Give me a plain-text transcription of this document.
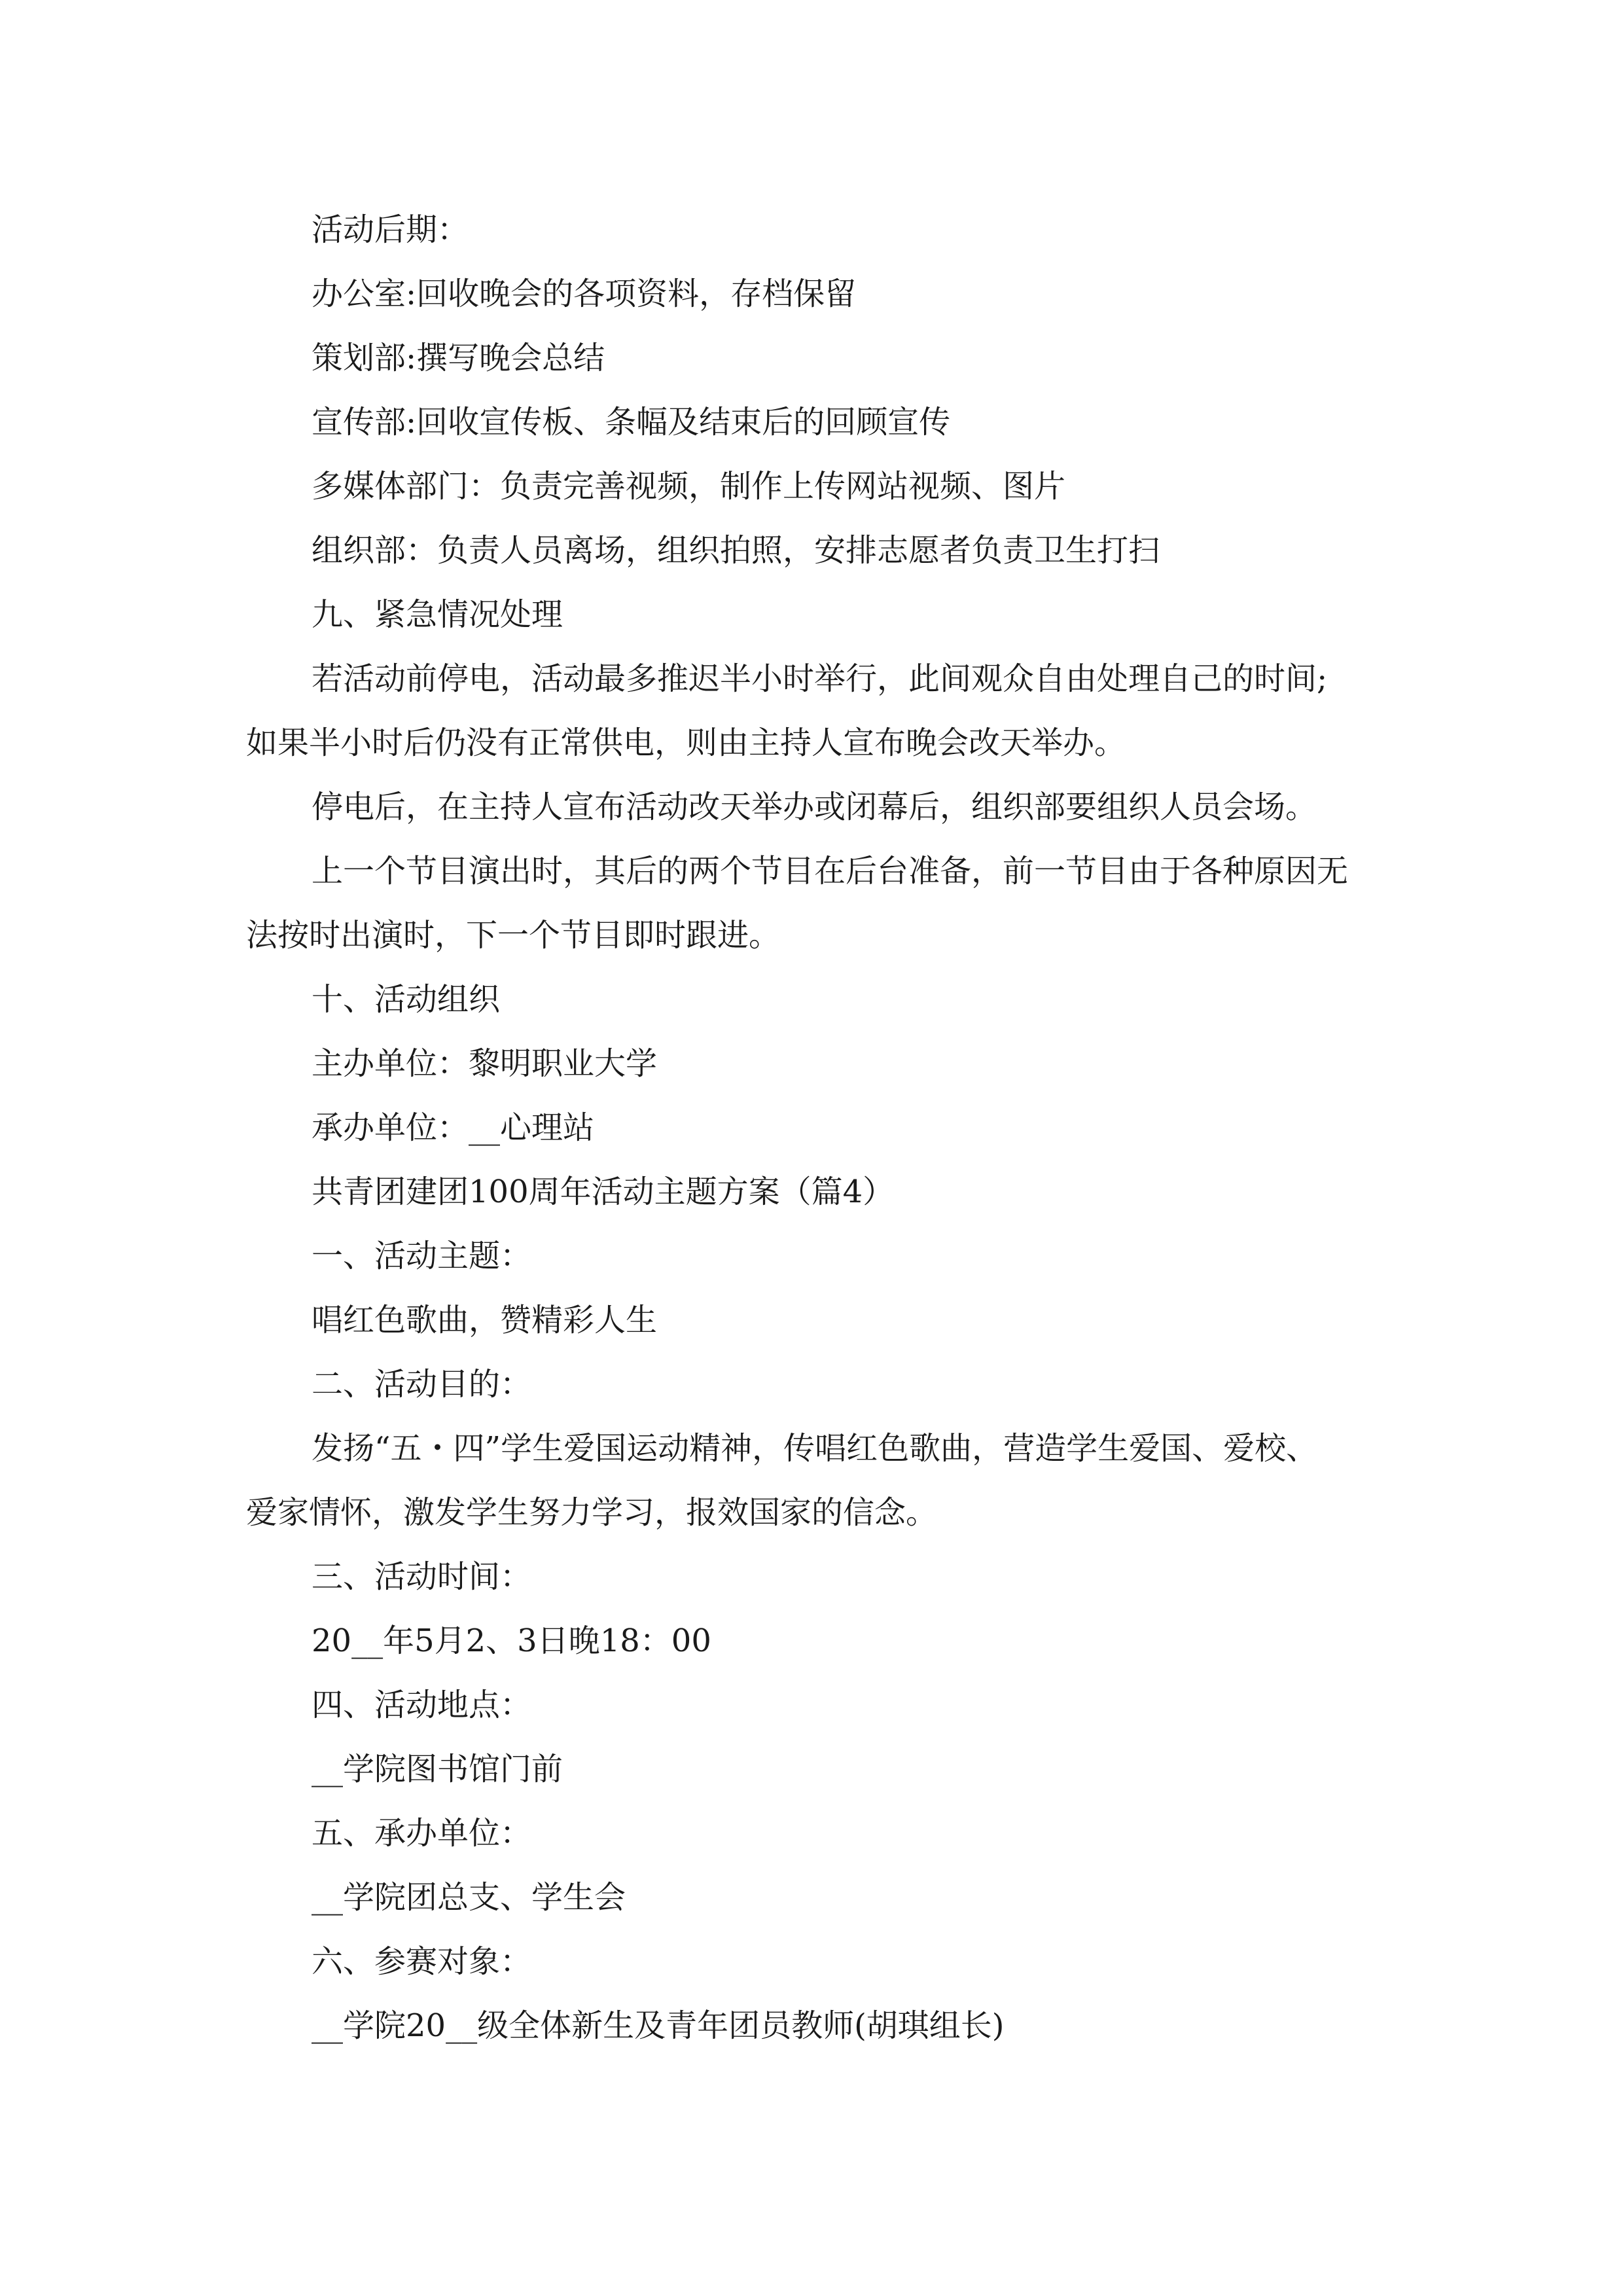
活动后期：
办公室:回收晚会的各项资料，存档保留
策划部:撰写晚会总结
宣传部:回收宣传板、条幅及结束后的回顾宣传
多媒体部门：负责完善视频，制作上传网站视频、图片
组织部：负责人员离场，组织拍照，安排志愿者负责卫生打扫
九、紧急情况处理
若活动前停电，活动最多推迟半小时举行，此间观众自由处理自己的时间;
如果半小时后仍没有正常供电，则由主持人宣布晚会改天举办。
停电后，在主持人宣布活动改天举办或闭幕后，组织部要组织人员会场。
上一个节目演出时，其后的两个节目在后台准备，前一节目由于各种原因无
法按时出演时，下一个节目即时跟进。
十、活动组织
主办单位：黎明职业大学
承办单位：__心理站
共青团建团100周年活动主题方案（篇4）
一、活动主题：
唱红色歌曲，赞精彩人生
二、活动目的：
发扬“五・四”学生爱国运动精神，传唱红色歌曲，营造学生爱国、爱校、
爱家情怀，激发学生努力学习，报效国家的信念。
三、活动时间：
20__年5月2、3日晚18：00
四、活动地点：
__学院图书馆门前
五、承办单位：
__学院团总支、学生会
六、参赛对象：
__学院20__级全体新生及青年团员教师(胡琪组长)
